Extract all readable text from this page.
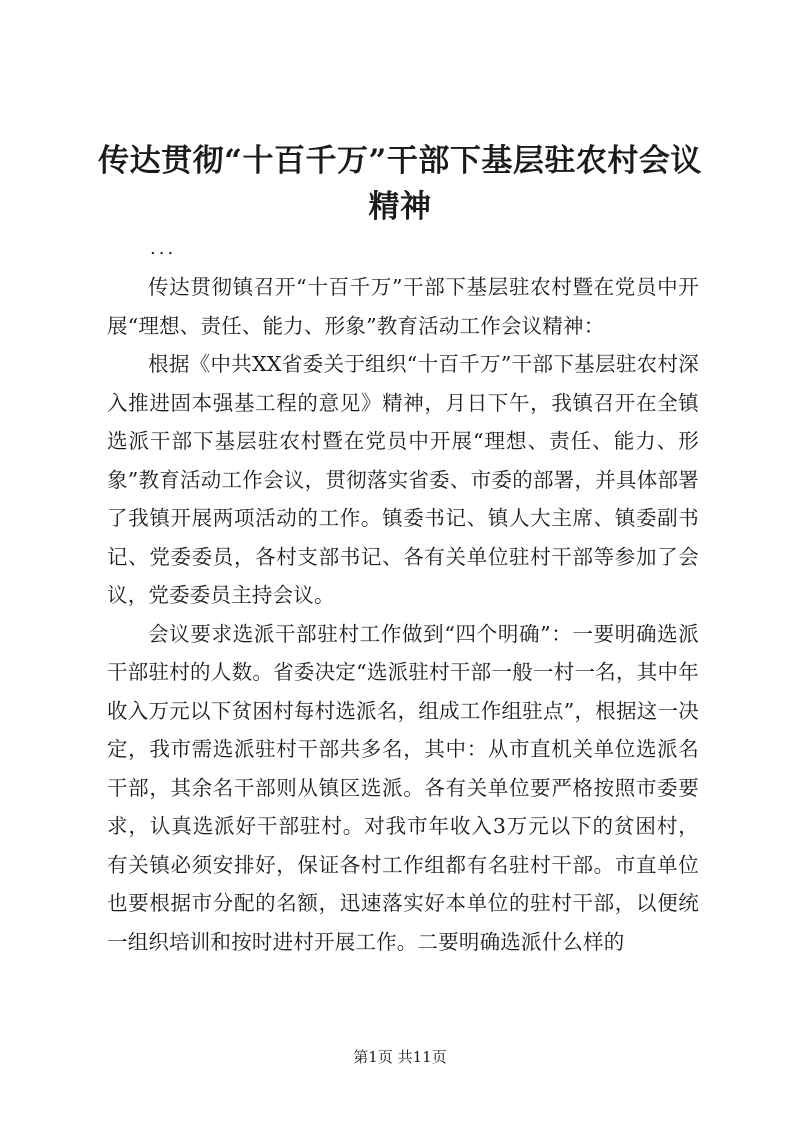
传达贯彻“十百千万”干部下基层驻农村会议精神

...

传达贯彻镇召开“十百千万”干部下基层驻农村暨在党员中开展“理想、责任、能力、形象”教育活动工作会议精神：

根据《中共XX省委关于组织“十百千万”干部下基层驻农村深入推进固本强基工程的意见》精神，月日下午，我镇召开在全镇选派干部下基层驻农村暨在党员中开展“理想、责任、能力、形象”教育活动工作会议，贯彻落实省委、市委的部署，并具体部署了我镇开展两项活动的工作。镇委书记、镇人大主席、镇委副书记、党委委员，各村支部书记、各有关单位驻村干部等参加了会议，党委委员主持会议。

会议要求选派干部驻村工作做到“四个明确”：一要明确选派干部驻村的人数。省委决定“选派驻村干部一般一村一名，其中年收入万元以下贫困村每村选派名，组成工作组驻点”，根据这一决定，我市需选派驻村干部共多名，其中：从市直机关单位选派名干部，其余名干部则从镇区选派。各有关单位要严格按照市委要求，认真选派好干部驻村。对我市年收入3万元以下的贫困村，有关镇必须安排好，保证各村工作组都有名驻村干部。市直单位也要根据市分配的名额，迅速落实好本单位的驻村干部，以便统一组织培训和按时进村开展工作。二要明确选派什么样的

第1页 共11页
